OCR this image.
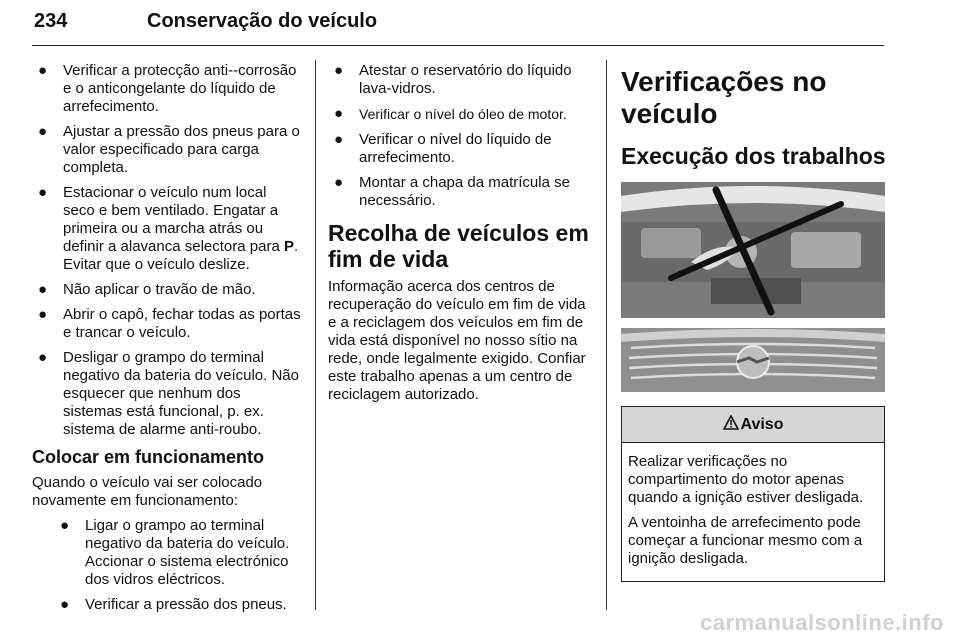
234	Conservação do veículo
● Verificar a protecção anti--corrosão e o anticongelante do líquido de arrefecimento.
● Ajustar a pressão dos pneus para o valor especificado para carga completa.
● Estacionar o veículo num local seco e bem ventilado. Engatar a primeira ou a marcha atrás ou definir a alavanca selectora para P. Evitar que o veículo deslize.
● Não aplicar o travão de mão.
● Abrir o capô, fechar todas as portas e trancar o veículo.
● Desligar o grampo do terminal negativo da bateria do veículo. Não esquecer que nenhum dos sistemas está funcional, p. ex. sistema de alarme anti-roubo.
Colocar em funcionamento
Quando o veículo vai ser colocado novamente em funcionamento:
● Ligar o grampo ao terminal negativo da bateria do veículo. Accionar o sistema electrónico dos vidros eléctricos.
● Verificar a pressão dos pneus.
● Atestar o reservatório do líquido lava-vidros.
● Verificar o nível do óleo de motor.
● Verificar o nível do líquido de arrefecimento.
● Montar a chapa da matrícula se necessário.
Recolha de veículos em fim de vida
Informação acerca dos centros de recuperação do veículo em fim de vida e a reciclagem dos veículos em fim de vida está disponível no nosso sítio na rede, onde legalmente exigido. Confiar este trabalho apenas a um centro de reciclagem autorizado.
Verificações no veículo
Execução dos trabalhos
Aviso
Realizar verificações no compartimento do motor apenas quando a ignição estiver desligada.
A ventoinha de arrefecimento pode começar a funcionar mesmo com a ignição desligada.
carmanualsonline.info
